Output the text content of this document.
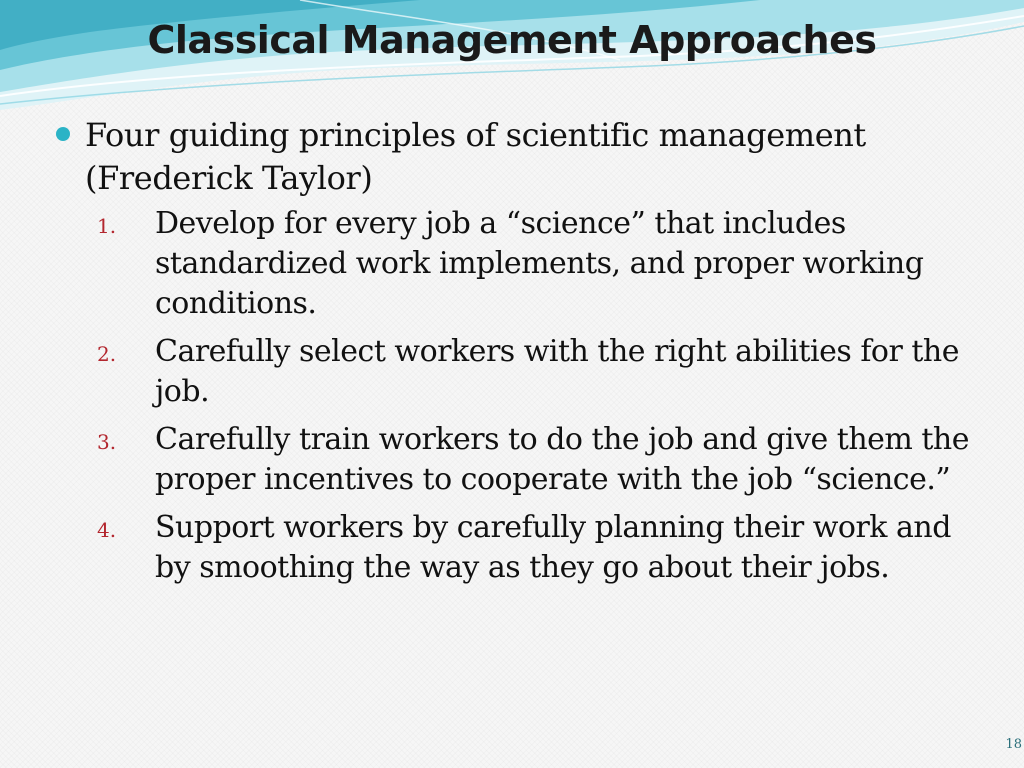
Classical Management Approaches
Four guiding principles of scientific management (Frederick Taylor)
1. Develop for every job a “science” that includes standardized work implements, and proper working conditions.
2. Carefully select workers with the right abilities for the job.
3. Carefully train workers to do the job and give them the proper incentives to cooperate with the job “science.”
4. Support workers by carefully planning their work and by smoothing the way as they go about their jobs.
18
